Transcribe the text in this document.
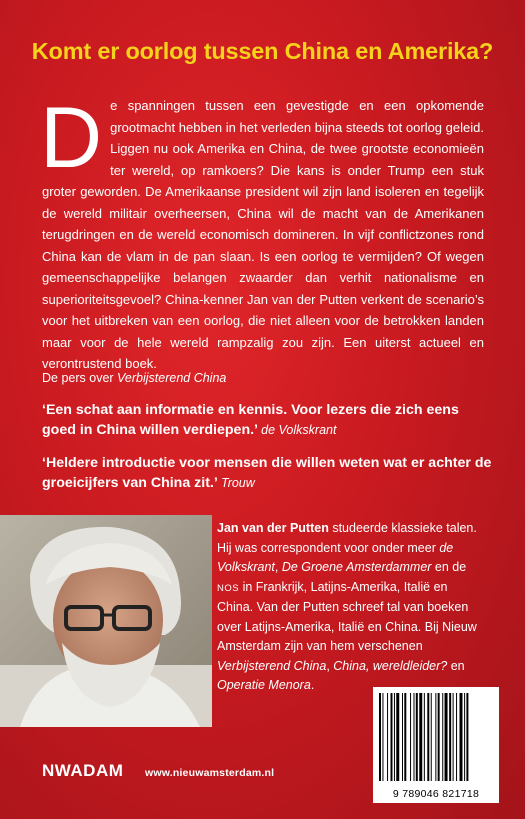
Komt er oorlog tussen China en Amerika?
De spanningen tussen een gevestigde en een opkomende grootmacht hebben in het verleden bijna steeds tot oorlog geleid. Liggen nu ook Amerika en China, de twee grootste economieën ter wereld, op ramkoers? Die kans is onder Trump een stuk groter geworden. De Amerikaanse president wil zijn land isoleren en tegelijk de wereld militair overheersen, China wil de macht van de Amerikanen terugdringen en de wereld economisch domineren. In vijf conflictzones rond China kan de vlam in de pan slaan. Is een oorlog te vermijden? Of wegen gemeenschappelijke belangen zwaarder dan verhit nationalisme en superioriteitsgevoel? China-kenner Jan van der Putten verkent de scenario’s voor het uitbreken van een oorlog, die niet alleen voor de betrokken landen maar voor de hele wereld rampzalig zou zijn. Een uiterst actueel en verontrustend boek.
De pers over Verbijsterend China
‘Een schat aan informatie en kennis. Voor lezers die zich eens goed in China willen verdiepen.’ de Volkskrant
‘Heldere introductie voor mensen die willen weten wat er achter de groeicijfers van China zit.’ Trouw
Jan van der Putten studeerde klassieke talen. Hij was correspondent voor onder meer de Volkskrant, De Groene Amsterdammer en de NOS in Frankrijk, Latijns-Amerika, Italië en China. Van der Putten schreef tal van boeken over Latijns-Amerika, Italië en China. Bij Nieuw Amsterdam zijn van hem verschenen Verbijsterend China, China, wereldleider? en Operatie Menora.
9 789046 821718
NWADAM www.nieuwamsterdam.nl
